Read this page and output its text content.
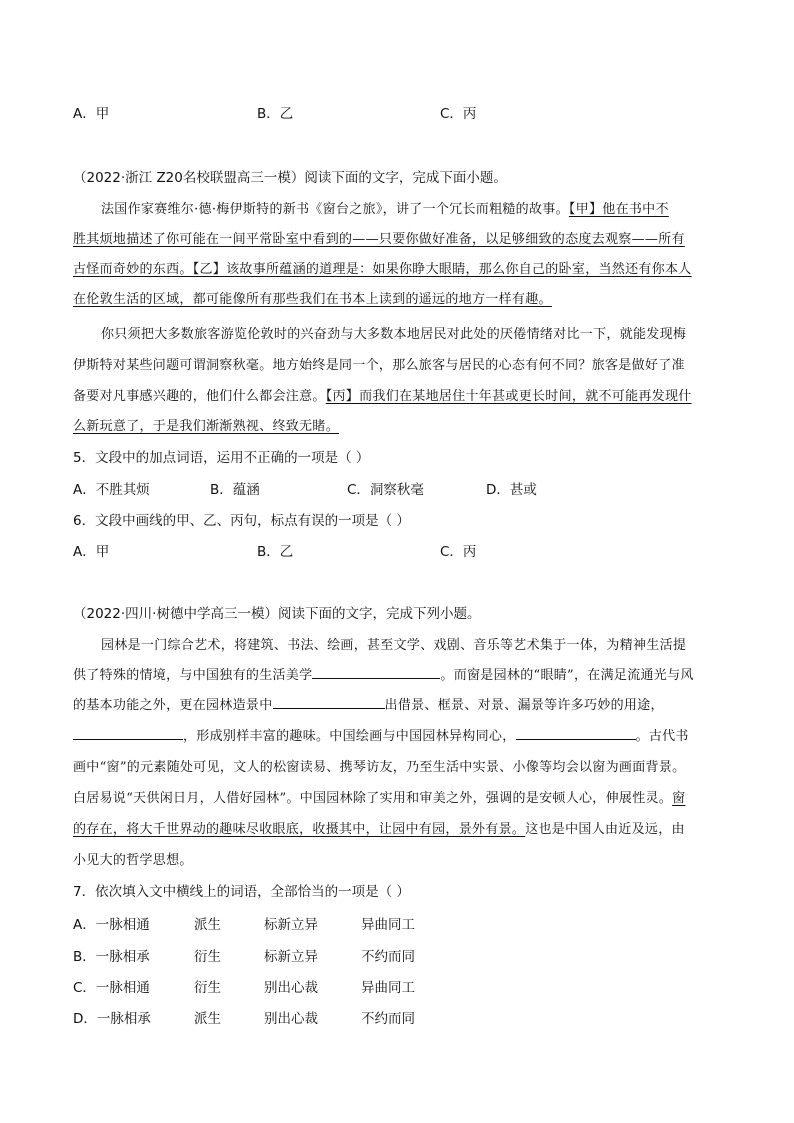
A．甲	B．乙	C．丙
（2022·浙江 Z20名校联盟高三一模）阅读下面的文字，完成下面小题。
法国作家赛维尔·德·梅伊斯特的新书《窗台之旅》，讲了一个冗长而粗糙的故事。【甲】他在书中不
胜其烦地描述了你可能在一间平常卧室中看到的——只要你做好准备，以足够细致的态度去观察——所有
古怪而奇妙的东西。【乙】该故事所蕴涵的道理是：如果你睁大眼睛，那么你自己的卧室，当然还有你本人
在伦敦生活的区域，都可能像所有那些我们在书本上读到的遥远的地方一样有趣。
你只须把大多数旅客游览伦敦时的兴奋劲与大多数本地居民对此处的厌倦情绪对比一下，就能发现梅
伊斯特对某些问题可谓洞察秋毫。地方始终是同一个，那么旅客与居民的心态有何不同？旅客是做好了准
备要对凡事感兴趣的，他们什么都会注意。【丙】而我们在某地居住十年甚或更长时间，就不可能再发现什
么新玩意了，于是我们渐渐熟视、终致无睹。
5．文段中的加点词语，运用不正确的一项是（ ）
A．不胜其烦	B．蕴涵	C．洞察秋毫	D．甚或
6．文段中画线的甲、乙、丙句，标点有误的一项是（ ）
A．甲	B．乙	C．丙
（2022·四川·树德中学高三一模）阅读下面的文字，完成下列小题。
园林是一门综合艺术，将建筑、书法、绘画，甚至文学、戏剧、音乐等艺术集于一体，为精神生活提
供了特殊的情境，与中国独有的生活美学	。而窗是园林的“眼睛”，在满足流通光与风
的基本功能之外，更在园林造景中	出借景、框景、对景、漏景等许多巧妙的用途，
，形成别样丰富的趣味。中国绘画与中国园林异构同心，	。古代书
画中“窗”的元素随处可见，文人的松窗读易、携琴访友，乃至生活中实景、小像等均会以窗为画面背景。
白居易说“天供闲日月，人借好园林”。中国园林除了实用和审美之外，强调的是安顿人心，伸展性灵。窗
的存在，将大千世界动的趣味尽收眼底，收摄其中，让园中有园，景外有景。这也是中国人由近及远，由
小见大的哲学思想。
7．依次填入文中横线上的词语，全部恰当的一项是（ ）
A．一脉相通	派生	标新立异	异曲同工
B．一脉相承	衍生	标新立异	不约而同
C．一脉相通	衍生	别出心裁	异曲同工
D．一脉相承	派生	别出心裁	不约而同
